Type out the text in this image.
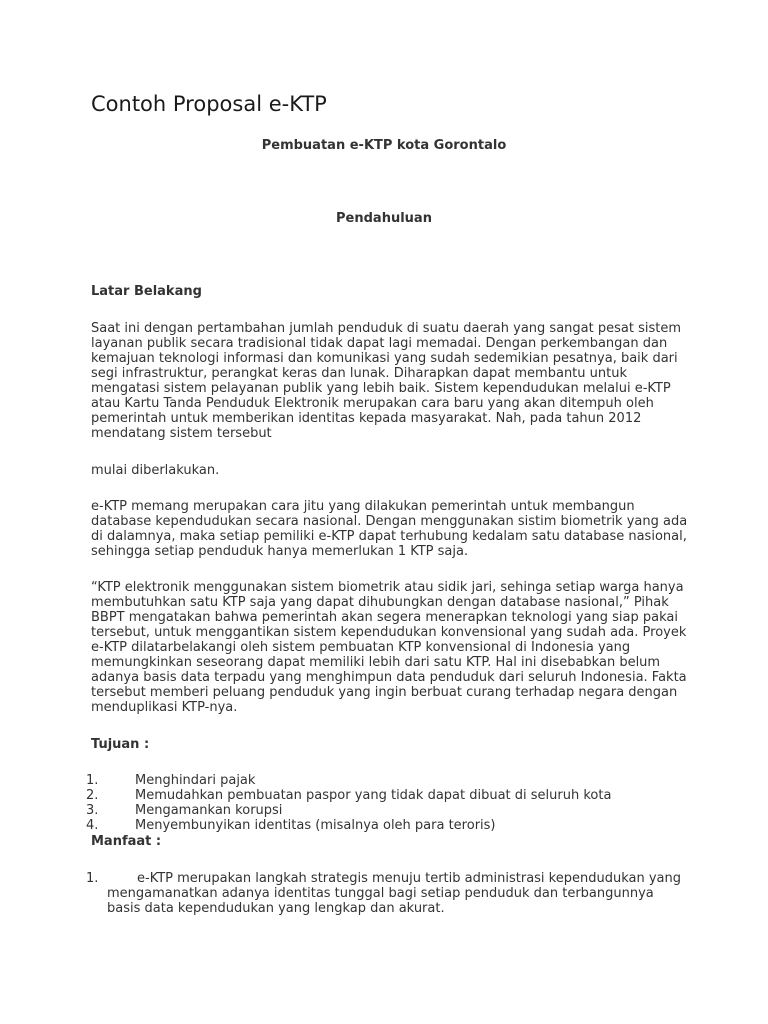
Contoh Proposal e-KTP
Pembuatan e-KTP kota Gorontalo
Pendahuluan
Latar Belakang

Saat ini dengan pertambahan jumlah penduduk di suatu daerah yang sangat pesat sistem layanan publik secara tradisional tidak dapat lagi memadai. Dengan perkembangan dan kemajuan teknologi informasi dan komunikasi yang sudah sedemikian pesatnya, baik dari segi infrastruktur, perangkat keras dan lunak. Diharapkan dapat membantu untuk mengatasi sistem pelayanan publik yang lebih baik. Sistem kependudukan melalui e-KTP atau Kartu Tanda Penduduk Elektronik merupakan cara baru yang akan ditempuh oleh pemerintah untuk memberikan identitas kepada masyarakat. Nah, pada tahun 2012 mendatang sistem tersebut

mulai diberlakukan.

e-KTP memang merupakan cara jitu yang dilakukan pemerintah untuk membangun database kependudukan secara nasional. Dengan menggunakan sistim biometrik yang ada di dalamnya, maka setiap pemiliki e-KTP dapat terhubung kedalam satu database nasional, sehingga setiap penduduk hanya memerlukan 1 KTP saja.

“KTP elektronik menggunakan sistem biometrik atau sidik jari, sehinga setiap warga hanya membutuhkan satu KTP saja yang dapat dihubungkan dengan database nasional,” Pihak BBPT mengatakan bahwa pemerintah akan segera menerapkan teknologi yang siap pakai tersebut, untuk menggantikan sistem kependudukan konvensional yang sudah ada. Proyek e-KTP dilatarbelakangi oleh sistem pembuatan KTP konvensional di Indonesia yang memungkinkan seseorang dapat memiliki lebih dari satu KTP. Hal ini disebabkan belum adanya basis data terpadu yang menghimpun data penduduk dari seluruh Indonesia. Fakta tersebut memberi peluang penduduk yang ingin berbuat curang terhadap negara dengan menduplikasi KTP-nya.

Tujuan :
1.	Menghindari pajak
2.	Memudahkan pembuatan paspor yang tidak dapat dibuat di seluruh kota
3.	Mengamankan korupsi
4.	Menyembunyikan identitas (misalnya oleh para teroris)
Manfaat :
1.	e-KTP merupakan langkah strategis menuju tertib administrasi kependudukan yang mengamanatkan adanya identitas tunggal bagi setiap penduduk dan terbangunnya basis data kependudukan yang lengkap dan akurat.
